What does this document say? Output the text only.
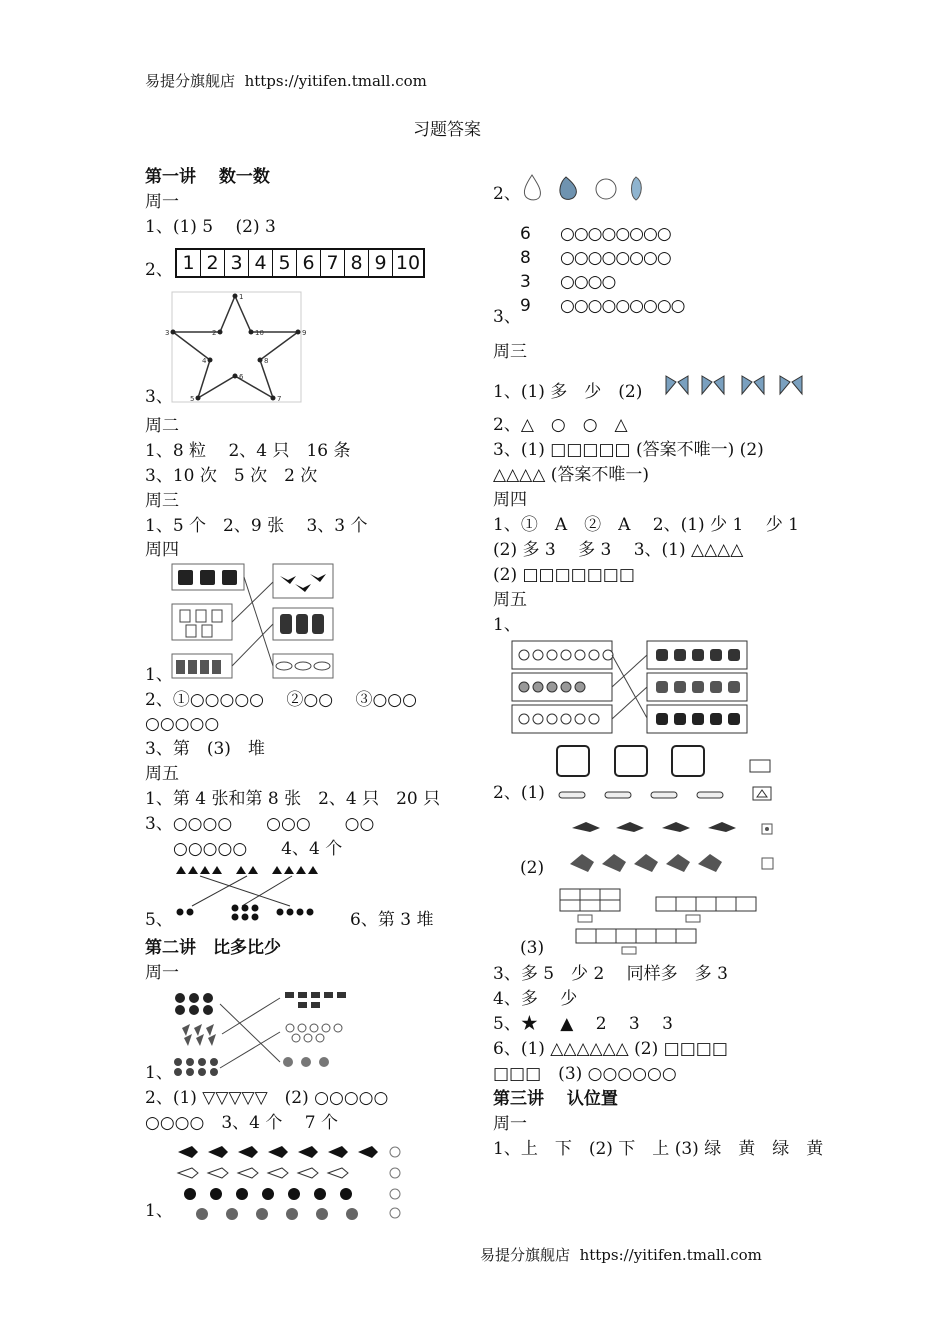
易提分旗舰店 https://yitifen.tmall.com
习题答案
第一讲　 数一数
周一
1、(1) 5　 (2) 3
2、 1 2 3 4 5 6 7 8 9 10
3、
1
2
3
4
5
6
7
8
9
10
周二
1、8 粒　 2、4 只　16 条
3、10 次　5 次　2 次
周三
1、5 个　2、9 张　 3、3 个
周四
1、
2、①○○○○○　 ②○○　 ③○○○
○○○○○
3、第　(3)　堆
周五
1、第 4 张和第 8 张　2、4 只　20 只
3、○○○○　　○○○　　○○
○○○○○　　4、4 个
5、	6、第 3 堆
第二讲　比多比少
周一
1、
2、(1) ▽▽▽▽▽　(2) ○○○○○
○○○○　3、4 个　 7 个
1、
2、
6	○○○○○○○○
8	○○○○○○○○
3	○○○○
9	○○○○○○○○○
3、
周三
1、(1) 多　少　(2)
2、△　○　○　△
3、(1) □□□□□ (答案不唯一) (2)
△△△△ (答案不唯一)
周四
1、①　A　②　A　 2、(1) 少 1　 少 1
(2) 多 3　 多 3　 3、(1) △△△△
(2) □□□□□□□
周五
1、
2、(1)
(2)
(3)
3、多 5　少 2　 同样多　多 3
4、多　 少
5、★　 ▲　 2　 3　 3
6、(1) △△△△△△ (2) □□□□
□□□　(3) ○○○○○○
第三讲　 认位置
周一
1、上　下　(2) 下　上 (3) 绿　黄　绿　黄
易提分旗舰店 https://yitifen.tmall.com
